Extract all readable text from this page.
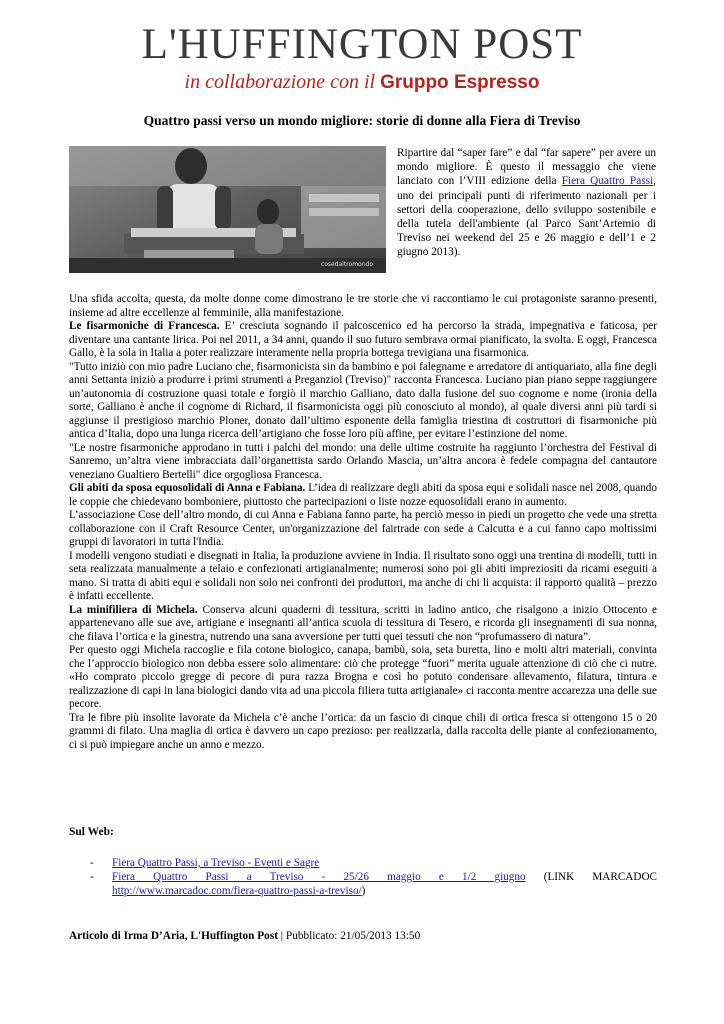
L'HUFFINGTON POST
in collaborazione con il Gruppo Espresso
Quattro passi verso un mondo migliore: storie di donne alla Fiera di Treviso
cosedaltromondo
Ripartire dal “saper fare” e dal “far sapere” per avere un mondo migliore. È questo il messaggio che viene lanciato con l’VIII edizione della Fiera Quattro Passi, uno dei principali punti di riferimento nazionali per i settori della cooperazione, dello sviluppo sostenibile e della tutela dell'ambiente (al Parco Sant’Artemio di Treviso nei weekend del 25 e 26 maggio e dell’1 e 2 giugno 2013).

Una sfida accolta, questa, da molte donne come dimostrano le tre storie che vi raccontiamo le cui protagoniste saranno presenti, insieme ad altre eccellenze al femminile, alla manifestazione.

Le fisarmoniche di Francesca. E’ cresciuta sognando il palcoscenico ed ha percorso la strada, impegnativa e faticosa, per diventare una cantante lirica. Poi nel 2011, a 34 anni, quando il suo futuro sembrava ormai pianificato, la svolta. E oggi, Francesca Gallo, è la sola in Italia a poter realizzare interamente nella propria bottega trevigiana una fisarmonica.

"Tutto iniziò con mio padre Luciano che, fisarmonicista sin da bambino e poi falegname e arredatore di antiquariato, alla fine degli anni Settanta iniziò a produrre i primi strumenti a Preganziol (Treviso)" racconta Francesca. Luciano pian piano seppe raggiungere un’autonomia di costruzione quasi totale e forgiò il marchio Galliano, dato dalla fusione del suo cognome e nome (ironia della sorte, Galliano è anche il cognome di Richard, il fisarmonicista oggi più conosciuto al mondo), al quale diversi anni più tardi si aggiunse il prestigioso marchio Ploner, donato dall’ultimo esponente della famiglia triestina di costruttori di fisarmoniche più antica d’Italia, dopo una lunga ricerca dell’artigiano che fosse loro più affine, per evitare l’estinzione del nome.

"Le nostre fisarmoniche approdano in tutti i palchi del mondo: una delle ultime costruite ha raggiunto l’orchestra del Festival di Sanremo, un’altra viene imbracciata dall’organettista sardo Orlando Mascia, un’altra ancora è fedele compagna del cantautore veneziano Gualtiero Bertelli" dice orgogliosa Francesca.

Gli abiti da sposa equosolidali di Anna e Fabiana. L’idea di realizzare degli abiti da sposa equi e solidali nasce nel 2008, quando le coppie che chiedevano bomboniere, piuttosto che partecipazioni o liste nozze equosolidali erano in aumento.

L’associazione Cose dell’altro mondo, di cui Anna e Fabiana fanno parte, ha perciò messo in piedi un progetto che vede una stretta collaborazione con il Craft Resource Center, un'organizzazione del fairtrade con sede a Calcutta e a cui fanno capo moltissimi gruppi di lavoratori in tutta l'India.

I modelli vengono studiati e disegnati in Italia, la produzione avviene in India. Il risultato sono oggi una trentina di modelli, tutti in seta realizzata manualmente a telaio e confezionati artigianalmente; numerosi sono poi gli abiti impreziositi da ricami eseguiti a mano. Si tratta di abiti equi e solidali non solo nei confronti dei produttori, ma anche di chi li acquista: il rapporto qualità – prezzo è infatti eccellente.

La minifiliera di Michela. Conserva alcuni quaderni di tessitura, scritti in ladino antico, che risalgono a inizio Ottocento e appartenevano alle sue ave, artigiane e insegnanti all’antica scuola di tessitura di Tesero, e ricorda gli insegnamenti di sua nonna, che filava l’ortica e la ginestra, nutrendo una sana avversione per tutti quei tessuti che non “profumassero di natura”.

Per questo oggi Michela raccoglie e fila cotone biologico, canapa, bambù, soia, seta buretta, lino e molti altri materiali, convinta che l’approccio biologico non debba essere solo alimentare: ciò che protegge “fuori” merita uguale attenzione di ciò che ci nutre. «Ho comprato piccolo gregge di pecore di pura razza Brogna e così ho potuto condensare allevamento, filatura, tintura e realizzazione di capi in lana biologici dando vita ad una piccola filiera tutta artigianale» ci racconta mentre accarezza una delle sue pecore.

Tra le fibre più insolite lavorate da Michela c’è anche l’ortica: da un fascio di cinque chili di ortica fresca si ottengono 15 o 20 grammi di filato. Una maglia di ortica è davvero un capo prezioso: per realizzarla, dalla raccolta delle piante al confezionamento, ci si può impiegare anche un anno e mezzo.

Sul Web:
-	Fiera Quattro Passi, a Treviso - Eventi e Sagre
-	Fiera Quattro Passi a Treviso - 25/26 maggio e 1/2 giugno (LINK MARCADOC
http://www.marcadoc.com/fiera-quattro-passi-a-treviso/)
Articolo di Irma D’Aria, L'Huffington Post | Pubblicato: 21/05/2013 13:50
